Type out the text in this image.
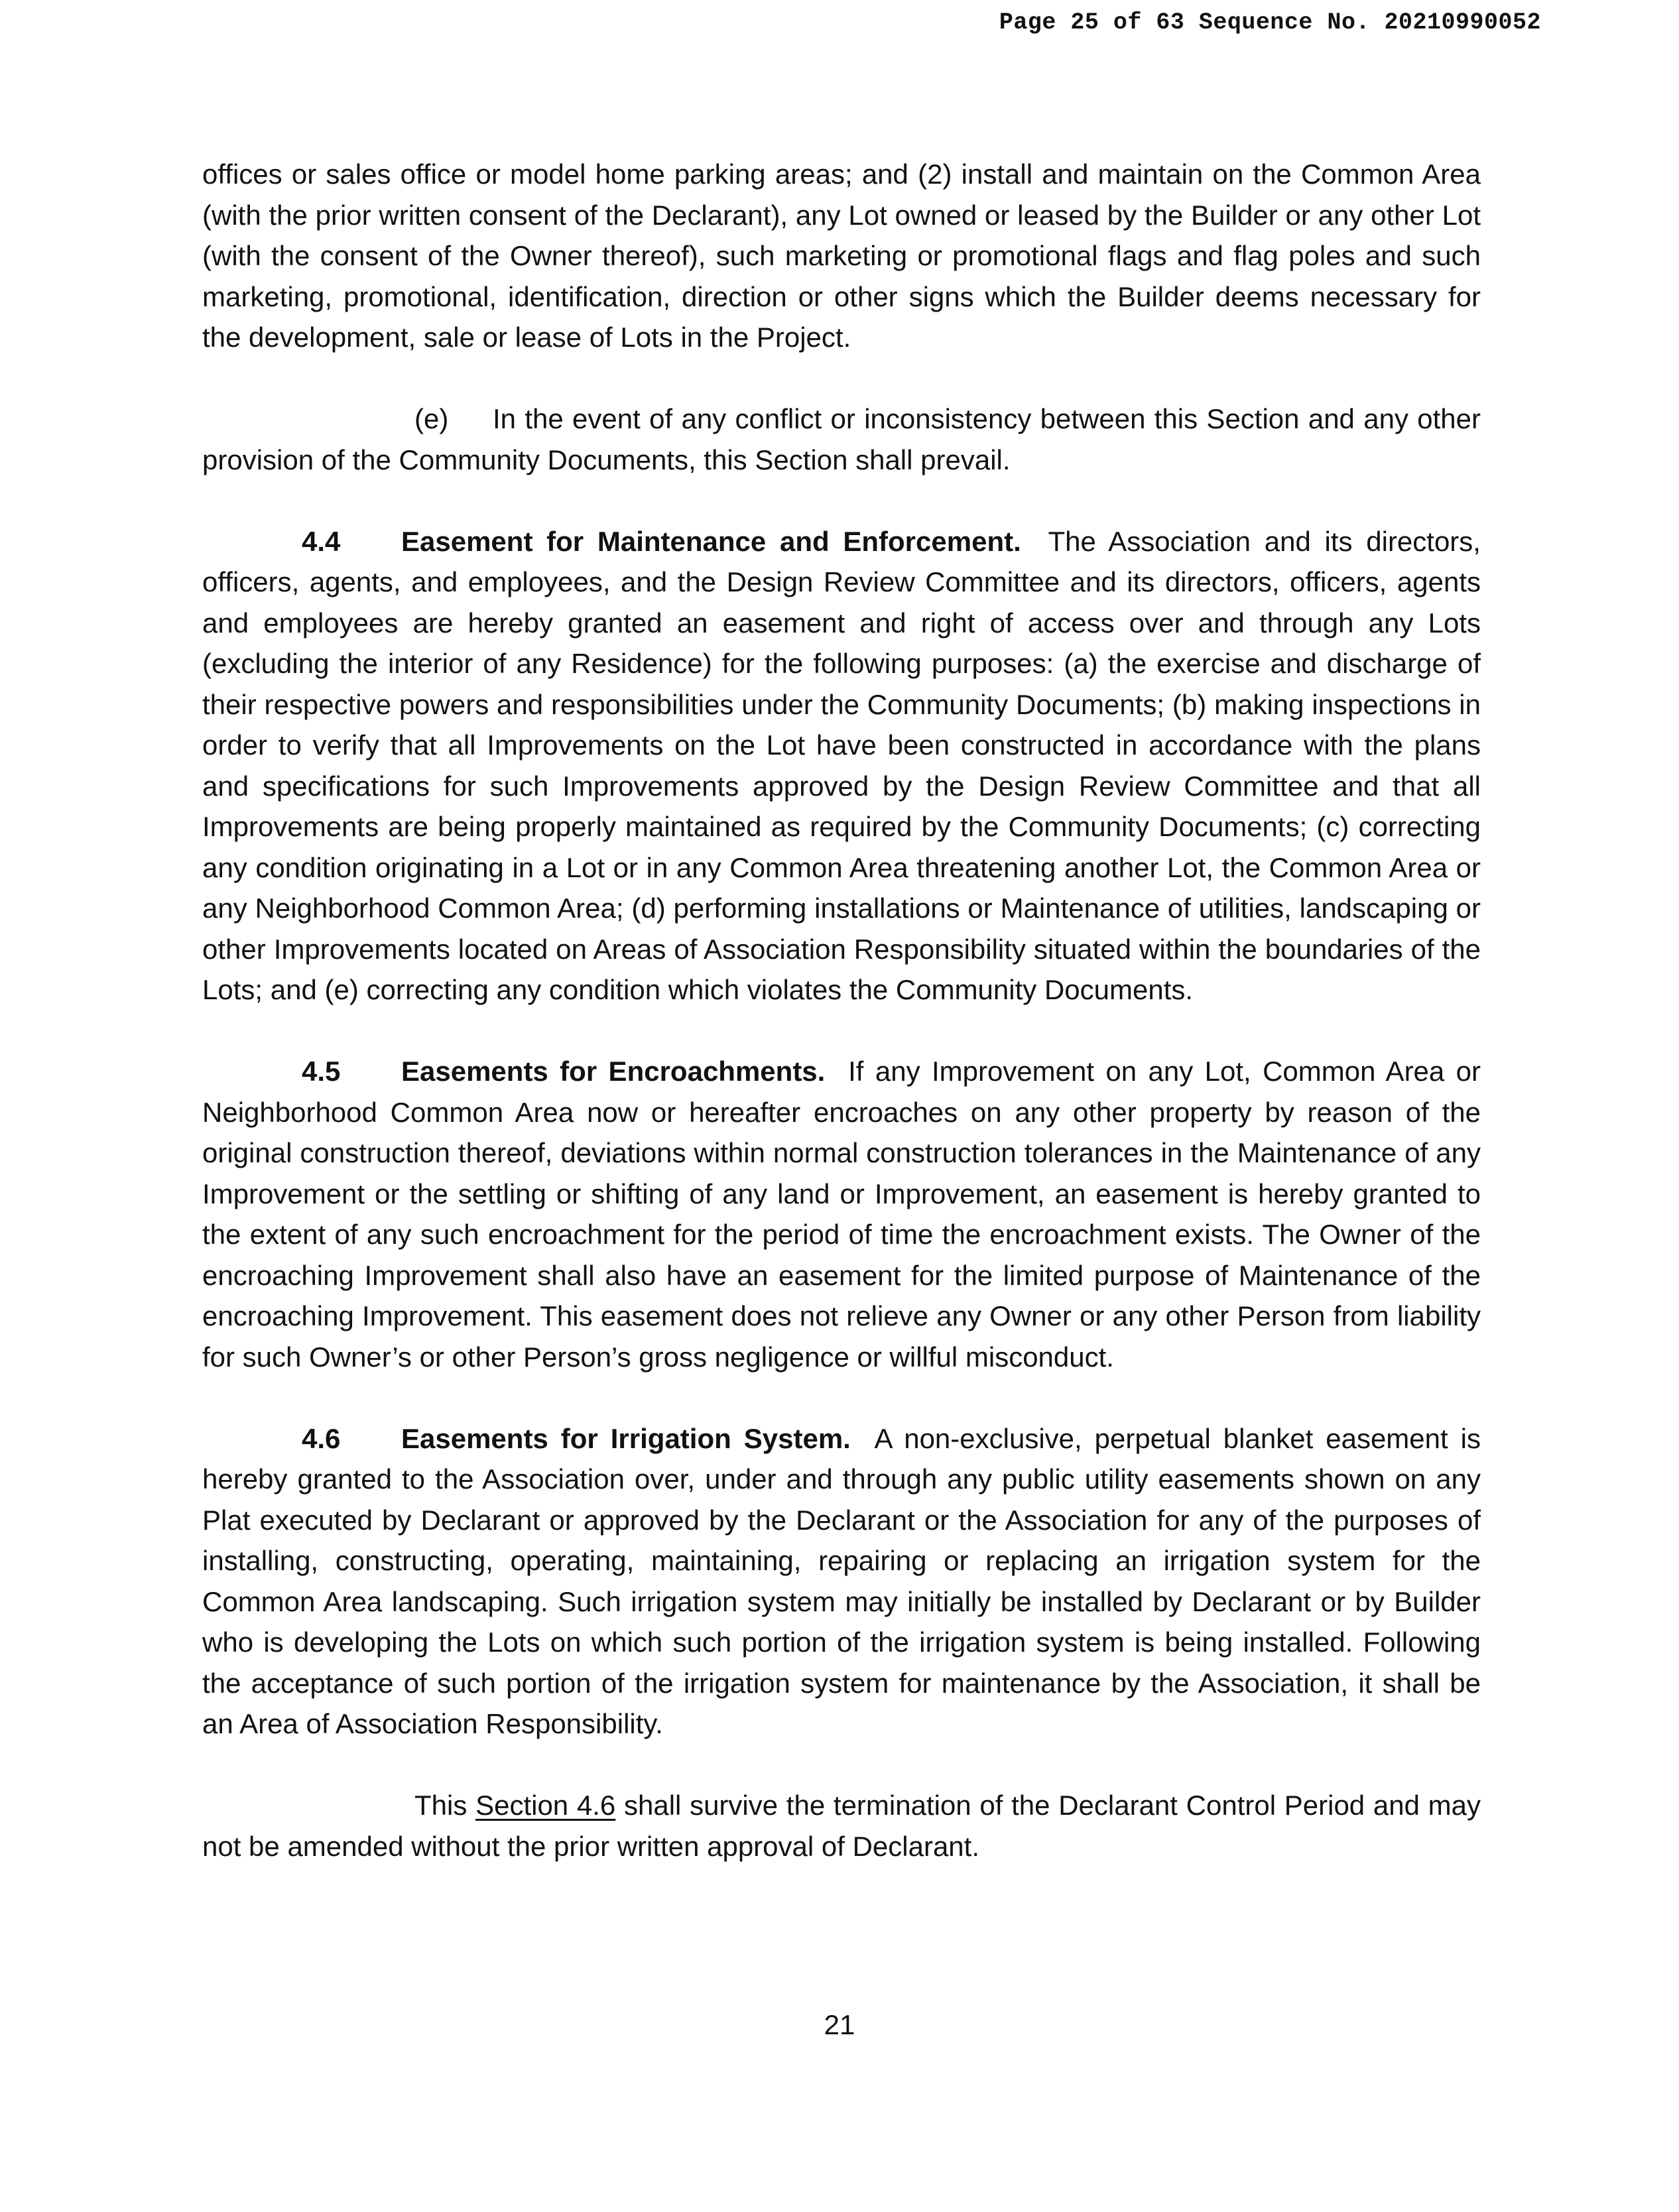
Page 25 of 63 Sequence No. 20210990052

offices or sales office or model home parking areas; and (2) install and maintain on the Common Area (with the prior written consent of the Declarant), any Lot owned or leased by the Builder or any other Lot (with the consent of the Owner thereof), such marketing or promotional flags and flag poles and such marketing, promotional, identification, direction or other signs which the Builder deems necessary for the development, sale or lease of Lots in the Project.

(e) In the event of any conflict or inconsistency between this Section and any other provision of the Community Documents, this Section shall prevail.

4.4 Easement for Maintenance and Enforcement. The Association and its directors, officers, agents, and employees, and the Design Review Committee and its directors, officers, agents and employees are hereby granted an easement and right of access over and through any Lots (excluding the interior of any Residence) for the following purposes: (a) the exercise and discharge of their respective powers and responsibilities under the Community Documents; (b) making inspections in order to verify that all Improvements on the Lot have been constructed in accordance with the plans and specifications for such Improvements approved by the Design Review Committee and that all Improvements are being properly maintained as required by the Community Documents; (c) correcting any condition originating in a Lot or in any Common Area threatening another Lot, the Common Area or any Neighborhood Common Area; (d) performing installations or Maintenance of utilities, landscaping or other Improvements located on Areas of Association Responsibility situated within the boundaries of the Lots; and (e) correcting any condition which violates the Community Documents.

4.5 Easements for Encroachments. If any Improvement on any Lot, Common Area or Neighborhood Common Area now or hereafter encroaches on any other property by reason of the original construction thereof, deviations within normal construction tolerances in the Maintenance of any Improvement or the settling or shifting of any land or Improvement, an easement is hereby granted to the extent of any such encroachment for the period of time the encroachment exists. The Owner of the encroaching Improvement shall also have an easement for the limited purpose of Maintenance of the encroaching Improvement. This easement does not relieve any Owner or any other Person from liability for such Owner’s or other Person’s gross negligence or willful misconduct.

4.6 Easements for Irrigation System. A non-exclusive, perpetual blanket easement is hereby granted to the Association over, under and through any public utility easements shown on any Plat executed by Declarant or approved by the Declarant or the Association for any of the purposes of installing, constructing, operating, maintaining, repairing or replacing an irrigation system for the Common Area landscaping. Such irrigation system may initially be installed by Declarant or by Builder who is developing the Lots on which such portion of the irrigation system is being installed. Following the acceptance of such portion of the irrigation system for maintenance by the Association, it shall be an Area of Association Responsibility.

This Section 4.6 shall survive the termination of the Declarant Control Period and may not be amended without the prior written approval of Declarant.

21
